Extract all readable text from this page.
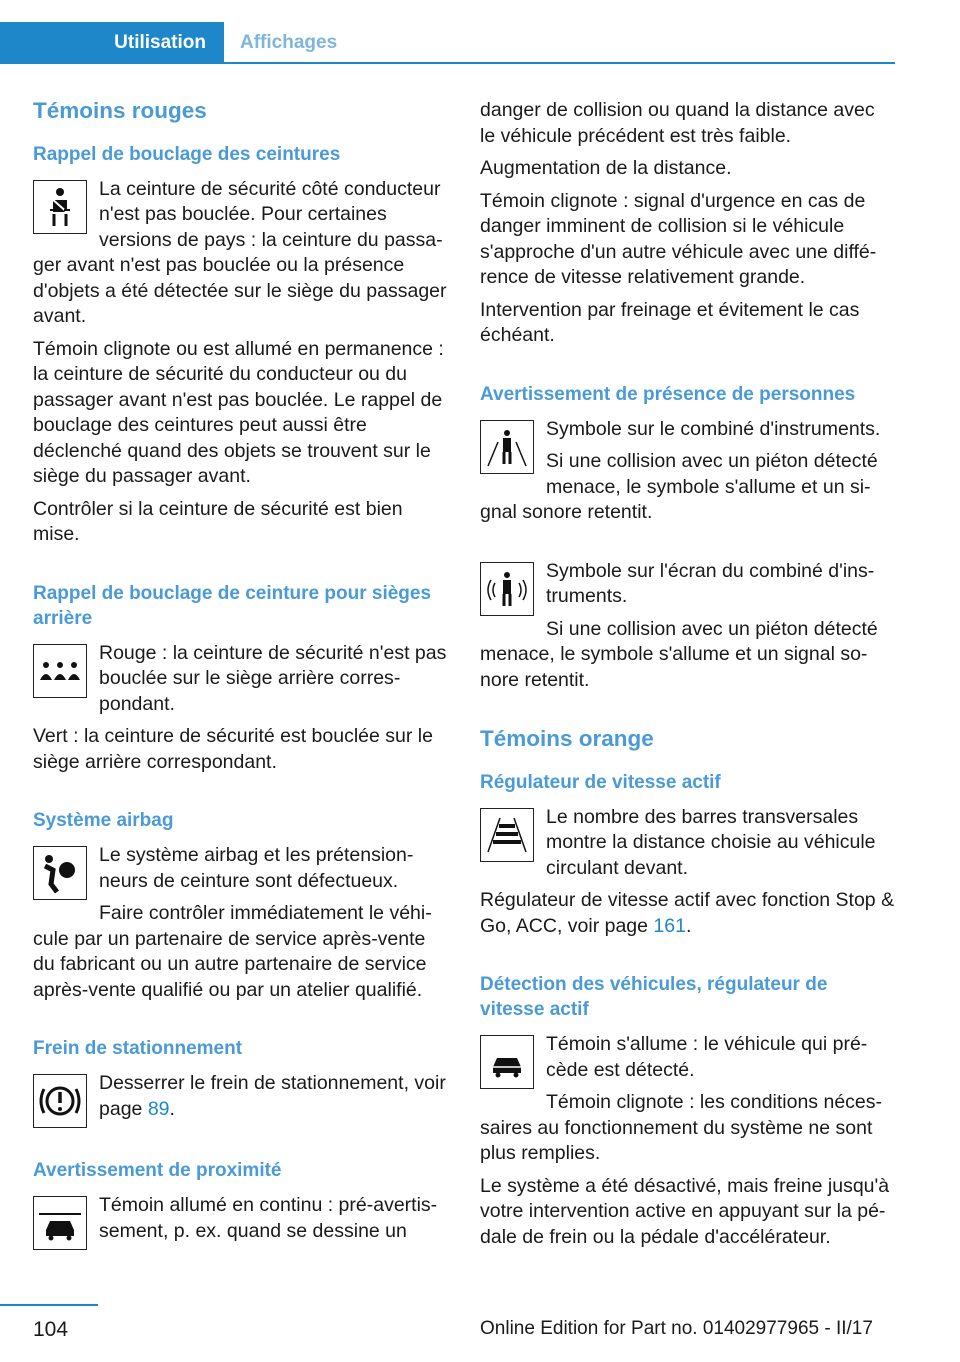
Utilisation	Affichages
Témoins rouges
Rappel de bouclage des ceintures

La ceinture de sécurité côté conducteur n'est pas bouclée. Pour certaines versions de pays : la ceinture du passager avant n'est pas bouclée ou la présence d'objets a été détectée sur le siège du passager avant.

Témoin clignote ou est allumé en permanence : la ceinture de sécurité du conducteur ou du passager avant n'est pas bouclée. Le rappel de bouclage des ceintures peut aussi être déclenché quand des objets se trouvent sur le siège du passager avant.

Contrôler si la ceinture de sécurité est bien mise.

Rappel de bouclage de ceinture pour sièges arrière

Rouge : la ceinture de sécurité n'est pas bouclée sur le siège arrière correspondant.

Vert : la ceinture de sécurité est bouclée sur le siège arrière correspondant.

Système airbag

Le système airbag et les prétensionneurs de ceinture sont défectueux.

Faire contrôler immédiatement le véhicule par un partenaire de service après-vente du fabricant ou un autre partenaire de service après-vente qualifié ou par un atelier qualifié.

Frein de stationnement

Desserrer le frein de stationnement, voir page 89.

Avertissement de proximité

Témoin allumé en continu : pré-avertissement, p. ex. quand se dessine un

danger de collision ou quand la distance avec le véhicule précédent est très faible.

Augmentation de la distance.

Témoin clignote : signal d'urgence en cas de danger imminent de collision si le véhicule s'approche d'un autre véhicule avec une différence de vitesse relativement grande.

Intervention par freinage et évitement le cas échéant.

Avertissement de présence de personnes

Symbole sur le combiné d'instruments.

Si une collision avec un piéton détecté menace, le symbole s'allume et un signal sonore retentit.

Symbole sur l'écran du combiné d'instruments.

Si une collision avec un piéton détecté menace, le symbole s'allume et un signal sonore retentit.

Témoins orange
Régulateur de vitesse actif

Le nombre des barres transversales montre la distance choisie au véhicule circulant devant.

Régulateur de vitesse actif avec fonction Stop & Go, ACC, voir page 161.

Détection des véhicules, régulateur de vitesse actif

Témoin s'allume : le véhicule qui précède est détecté.

Témoin clignote : les conditions nécessaires au fonctionnement du système ne sont plus remplies.

Le système a été désactivé, mais freine jusqu'à votre intervention active en appuyant sur la pédale de frein ou la pédale d'accélérateur.

104	Online Edition for Part no. 01402977965 - II/17
